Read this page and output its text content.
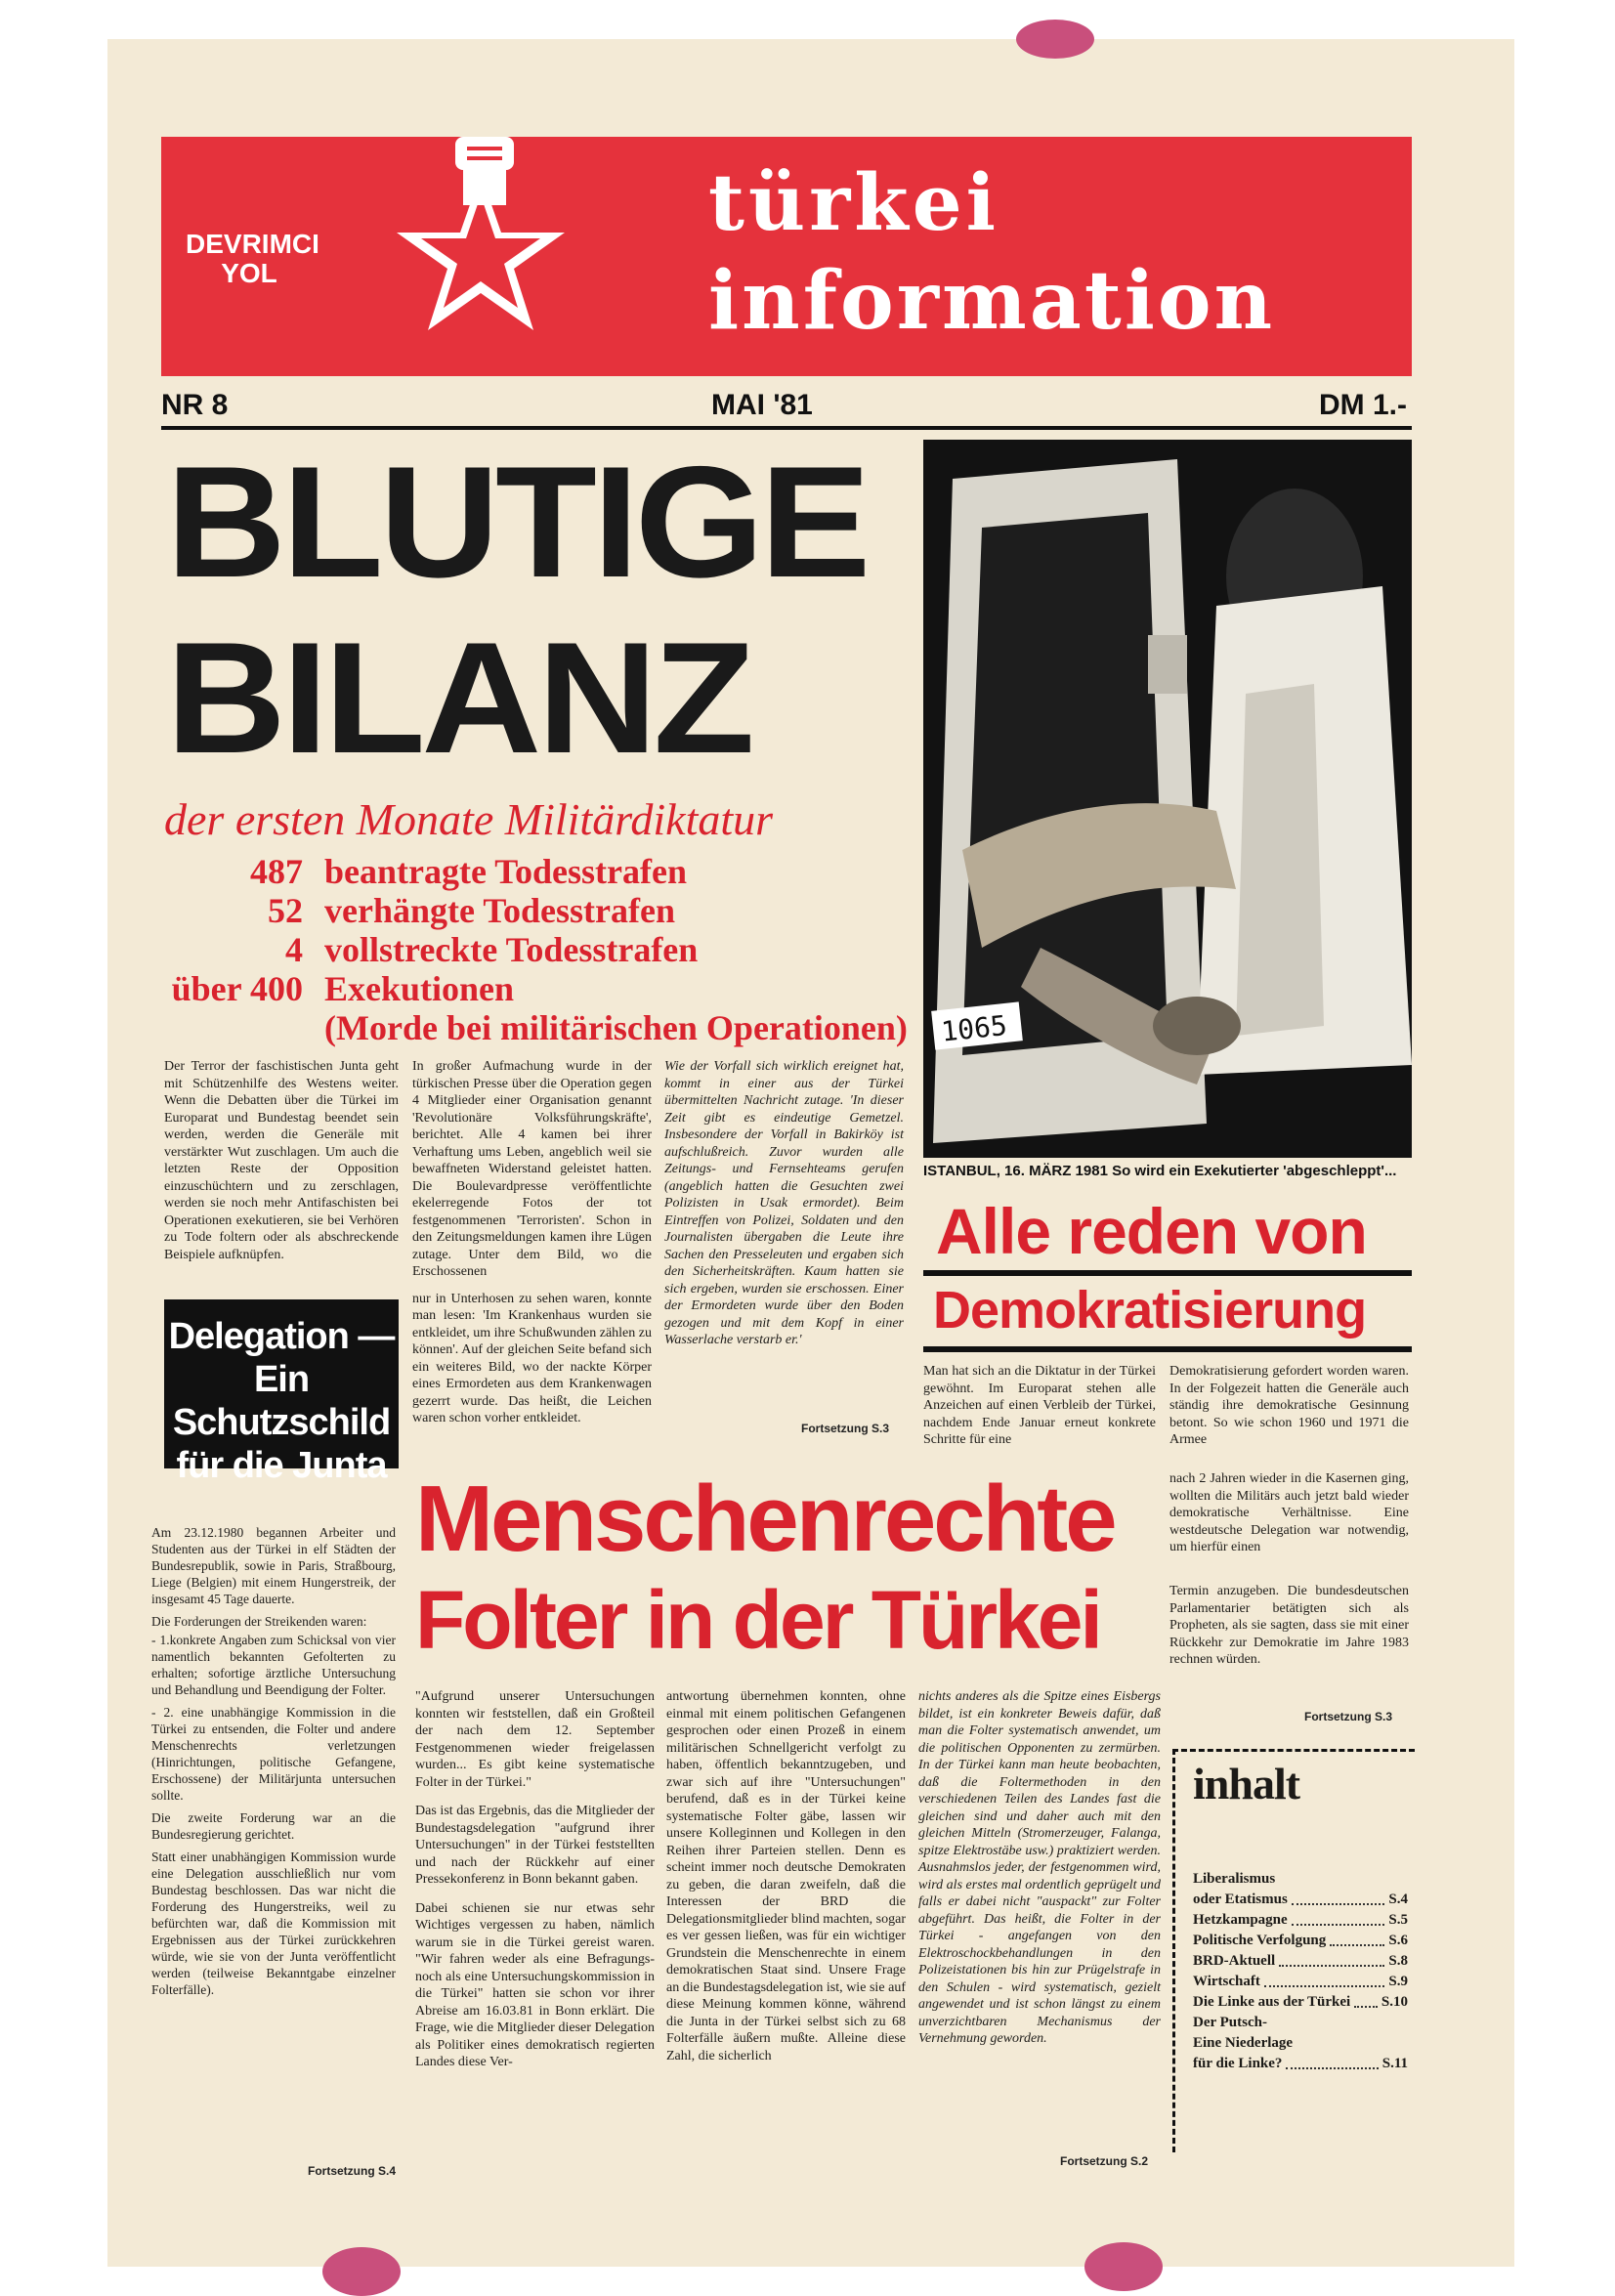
DEVRIMCI
YOL
türkei
information
NR 8	MAI '81	DM 1.-
BLUTIGE
BILANZ
der ersten Monate Militärdiktatur
487 beantragte Todesstrafen
52 verhängte Todesstrafen
4 vollstreckte Todesstrafen
über 400 Exekutionen
(Morde bei militärischen Operationen) 1065
ISTANBUL, 16. MÄRZ 1981 So wird ein Exekutierter 'abgeschleppt'...

Der Terror der faschistischen Junta geht mit Schützenhilfe des Westens weiter. Wenn die Debatten über die Türkei im Europarat und Bundestag beendet sein werden, werden die Generäle mit verstärkter Wut zuschlagen. Um auch die letzten Reste der Opposition einzuschüchtern und zu zerschlagen, werden sie noch mehr Antifaschisten bei Operationen exekutieren, sie bei Verhören zu Tode foltern oder als abschreckende Beispiele aufknüpfen.

In großer Aufmachung wurde in der türkischen Presse über die Operation gegen 4 Mitglieder einer Organisation genannt 'Revolutionäre Volksführungskräfte', berichtet. Alle 4 kamen bei ihrer Verhaftung ums Leben, angeblich weil sie bewaffneten Widerstand geleistet hatten. Die Boulevardpresse veröffentlichte ekelerregende Fotos der tot festgenommenen 'Terroristen'. Schon in den Zeitungsmeldungen kamen ihre Lügen zutage. Unter dem Bild, wo die Erschossenen

nur in Unterhosen zu sehen waren, konnte man lesen: 'Im Krankenhaus wurden sie entkleidet, um ihre Schußwunden zählen zu können'. Auf der gleichen Seite befand sich ein weiteres Bild, wo der nackte Körper eines Ermordeten aus dem Krankenwagen gezerrt wurde. Das heißt, die Leichen waren schon vorher entkleidet.

Wie der Vorfall sich wirklich ereignet hat, kommt in einer aus der Türkei übermittelten Nachricht zutage. 'In dieser Zeit gibt es eindeutige Gemetzel. Insbesondere der Vorfall in Bakirköy ist aufschlußreich. Zuvor wurden alle Zeitungs- und Fernsehteams gerufen (angeblich hatten die Gesuchten zwei Polizisten in Usak ermordet). Beim Eintreffen von Polizei, Soldaten und den Journalisten übergaben die Leute ihre Sachen den Presseleuten und ergaben sich den Sicherheitskräften. Kaum hatten sie sich ergeben, wurden sie erschossen. Einer der Ermordeten wurde über den Boden gezogen und mit dem Kopf in einer Wasserlache verstarb er.'

Fortsetzung S.3
Alle reden von
Demokratisierung

Man hat sich an die Diktatur in der Türkei gewöhnt. Im Europarat stehen alle Anzeichen auf einen Verbleib der Türkei, nachdem Ende Januar erneut konkrete Schritte für eine

Demokratisierung gefordert worden waren. In der Folgezeit hatten die Generäle auch ständig ihre demokratische Gesinnung betont. So wie schon 1960 und 1971 die Armee

nach 2 Jahren wieder in die Kasernen ging, wollten die Militärs auch jetzt bald wieder demokratische Verhältnisse. Eine westdeutsche Delegation war notwendig, um hierfür einen

Termin anzugeben. Die bundesdeutschen Parlamentarier betätigten sich als Propheten, als sie sagten, dass sie mit einer Rückkehr zur Demokratie im Jahre 1983 rechnen würden.

Fortsetzung S.3
Delegation —
Ein Schutzschild
für die Junta

Am 23.12.1980 begannen Arbeiter und Studenten aus der Türkei in elf Städten der Bundesrepublik, sowie in Paris, Straßbourg, Liege (Belgien) mit einem Hungerstreik, der insgesamt 45 Tage dauerte.

Die Forderungen der Streikenden waren:

- 1.konkrete Angaben zum Schicksal von vier namentlich bekannten Gefolterten zu erhalten; sofortige ärztliche Untersuchung und Behandlung und Beendigung der Folter.

- 2. eine unabhängige Kommission in die Türkei zu entsenden, die Folter und andere Menschenrechts verletzungen (Hinrichtungen, politische Gefangene, Erschossene) der Militärjunta untersuchen sollte.

Die zweite Forderung war an die Bundesregierung gerichtet.

Statt einer unabhängigen Kommission wurde eine Delegation ausschließlich nur vom Bundestag beschlossen. Das war nicht die Forderung des Hungerstreiks, weil zu befürchten war, daß die Kommission mit Ergebnissen aus der Türkei zurückkehren würde, wie sie von der Junta veröffentlicht werden (teilweise Bekanntgabe einzelner Folterfälle).

Fortsetzung S.4
Menschenrechte
Folter in der Türkei

"Aufgrund unserer Untersuchungen konnten wir feststellen, daß ein Großteil der nach dem 12. September Festgenommenen wieder freigelassen wurden... Es gibt keine systematische Folter in der Türkei."

Das ist das Ergebnis, das die Mitglieder der Bundestagsdelegation "aufgrund ihrer Untersuchungen" in der Türkei feststellten und nach der Rückkehr auf einer Pressekonferenz in Bonn bekannt gaben.

Dabei schienen sie nur etwas sehr Wichtiges vergessen zu haben, nämlich warum sie in die Türkei gereist waren. "Wir fahren weder als eine Befragungs- noch als eine Untersuchungskommission in die Türkei" hatten sie schon vor ihrer Abreise am 16.03.81 in Bonn erklärt. Die Frage, wie die Mitglieder dieser Delegation als Politiker eines demokratisch regierten Landes diese Ver-

antwortung übernehmen konnten, ohne einmal mit einem politischen Gefangenen gesprochen oder einen Prozeß in einem militärischen Schnellgericht verfolgt zu haben, öffentlich bekanntzugeben, und zwar sich auf ihre "Untersuchungen" berufend, daß es in der Türkei keine systematische Folter gäbe, lassen wir unsere Kolleginnen und Kollegen in den Reihen ihrer Parteien stellen. Denn es scheint immer noch deutsche Demokraten zu geben, die daran zweifeln, daß die Interessen der BRD die Delegationsmitglieder blind machten, sogar es ver gessen ließen, was für ein wichtiger Grundstein die Menschenrechte in einem demokratischen Staat sind. Unsere Frage an die Bundestagsdelegation ist, wie sie auf diese Meinung kommen könne, während die Junta in der Türkei selbst sich zu 68 Folterfälle äußern mußte. Alleine diese Zahl, die sicherlich

nichts anderes als die Spitze eines Eisbergs bildet, ist ein konkreter Beweis dafür, daß man die Folter systematisch anwendet, um die politischen Opponenten zu zermürben. In der Türkei kann man heute beobachten, daß die Foltermethoden in den verschiedenen Teilen des Landes fast die gleichen sind und daher auch mit den gleichen Mitteln (Stromerzeuger, Falanga, spitze Elektrostäbe usw.) praktiziert werden. Ausnahmslos jeder, der festgenommen wird, wird als erstes mal ordentlich geprügelt und falls er dabei nicht "auspackt" zur Folter abgeführt. Das heißt, die Folter in der Türkei - angefangen von den Elektroschockbehandlungen in den Polizeistationen bis hin zur Prügelstrafe in den Schulen - wird systematisch, gezielt angewendet und ist schon längst zu einem unverzichtbaren Mechanismus der Vernehmung geworden.

Fortsetzung S.2
inhalt
Liberalismus
oder Etatismus	S.4
Hetzkampagne	S.5
Politische Verfolgung	S.6
BRD-Aktuell	S.8
Wirtschaft	S.9
Die Linke aus der Türkei S.10
Der Putsch-
Eine Niederlage
für die Linke?	S.11
